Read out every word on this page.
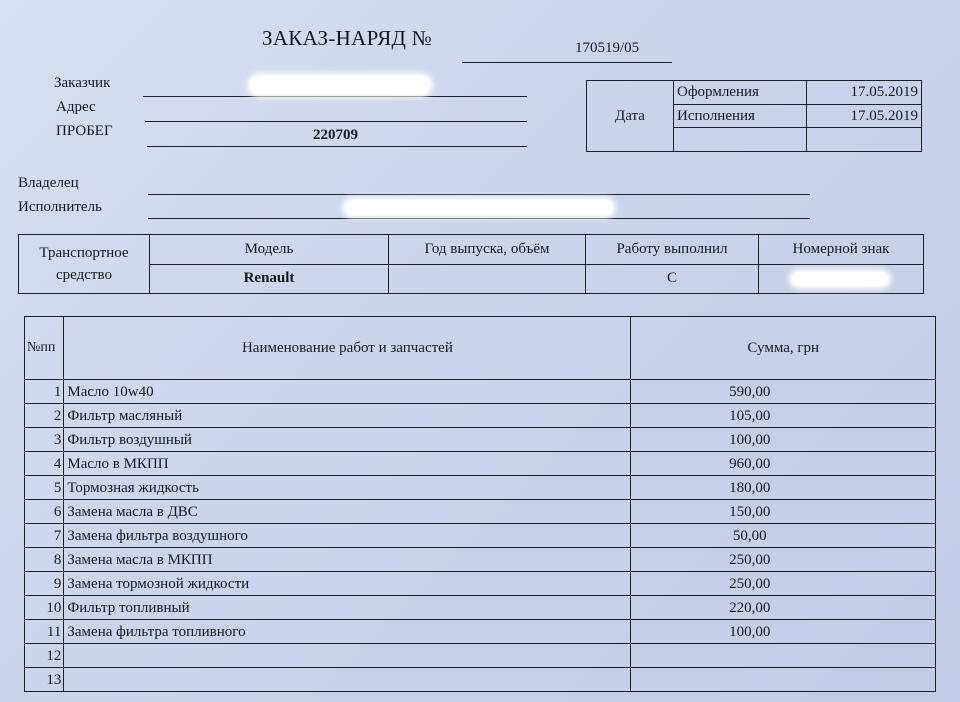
ЗАКАЗ-НАРЯД №	170519/05
Заказчик
Адрес
ПРОБЕГ	220709
Владелец
Исполнитель
Дата	Оформления	17.05.2019
	Исполнения	17.05.2019

Транспортное средство	Модель	Год выпуска, объём	Работу выполнил	Номерной знак
	Renault		С	
№пп	Наименование работ и запчастей	Сумма, грн
1	Масло 10w40	590,00
2	Фильтр масляный	105,00
3	Фильтр воздушный	100,00
4	Масло в МКПП	960,00
5	Тормозная жидкость	180,00
6	Замена масла в ДВС	150,00
7	Замена фильтра воздушного	50,00
8	Замена масла в МКПП	250,00
9	Замена тормозной жидкости	250,00
10	Фильтр топливный	220,00
11	Замена фильтра топливного	100,00
12		
13		
